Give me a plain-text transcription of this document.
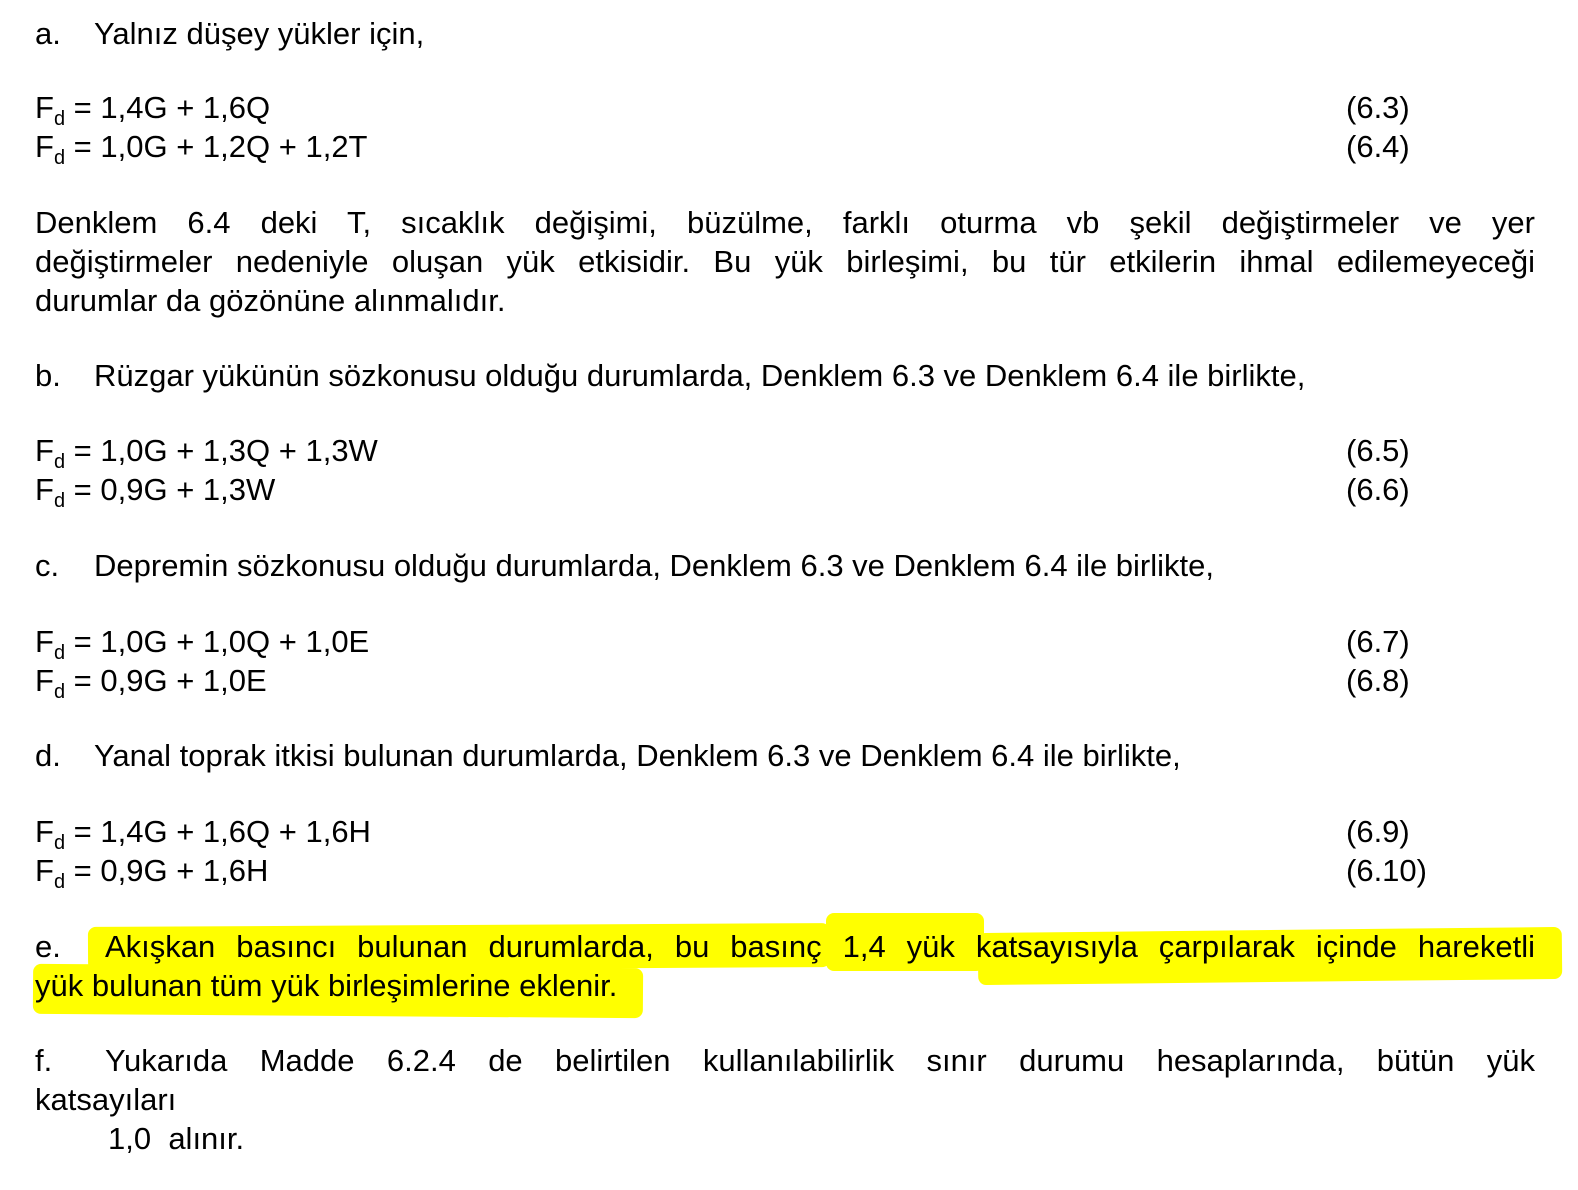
a. Yalnız düşey yükler için,
$F_d = 1,4G + 1,6Q$	(6.3)
$F_d = 1,0G + 1,2Q + 1,2T$	(6.4)
Denklem 6.4 deki T, sıcaklık değişimi, büzülme, farklı oturma vb şekil değiştirmeler ve yer
değiştirmeler nedeniyle oluşan yük etkisidir. Bu yük birleşimi, bu tür etkilerin ihmal edilemeyeceği
durumlar da gözönüne alınmalıdır.
b. Rüzgar yükünün sözkonusu olduğu durumlarda, Denklem 6.3 ve Denklem 6.4 ile birlikte,
$F_d = 1,0G + 1,3Q + 1,3W$	(6.5)
$F_d = 0,9G + 1,3W$	(6.6)
c. Depremin sözkonusu olduğu durumlarda, Denklem 6.3 ve Denklem 6.4 ile birlikte,
$F_d = 1,0G + 1,0Q + 1,0E$	(6.7)
$F_d = 0,9G + 1,0E$	(6.8)
d. Yanal toprak itkisi bulunan durumlarda, Denklem 6.3 ve Denklem 6.4 ile birlikte,
$F_d = 1,4G + 1,6Q + 1,6H$	(6.9)
$F_d = 0,9G + 1,6H$	(6.10)
e. Akışkan basıncı bulunan durumlarda, bu basınç 1,4 yük katsayısıyla çarpılarak içinde hareketli
yük bulunan tüm yük birleşimlerine eklenir.
f. Yukarıda Madde 6.2.4 de belirtilen kullanılabilirlik sınır durumu hesaplarında, bütün yük
katsayıları
1,0  alınır.
